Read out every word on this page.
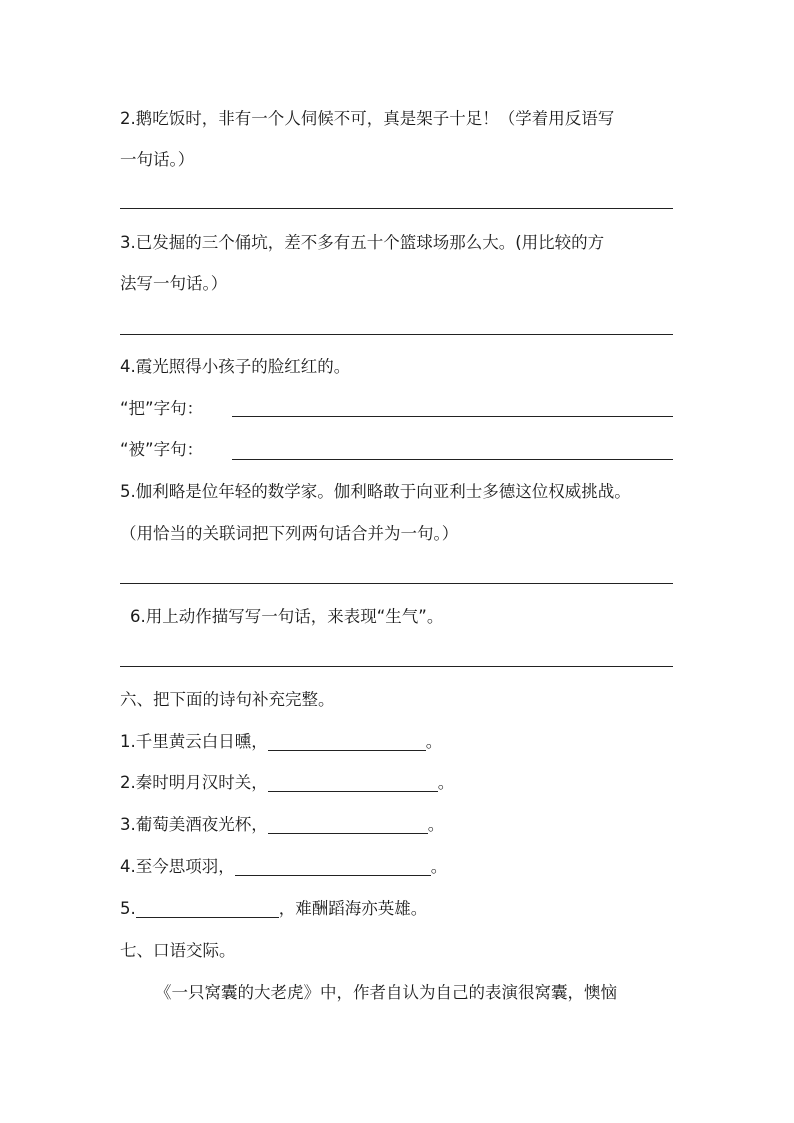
2.鹅吃饭时，非有一个人伺候不可，真是架子十足！（学着用反语写
一句话。）
3.已发掘的三个俑坑，差不多有五十个篮球场那么大。(用比较的方
法写一句话。）
4.霞光照得小孩子的脸红红的。
“把”字句：
“被”字句：
5.伽利略是位年轻的数学家。伽利略敢于向亚利士多德这位权威挑战。
（用恰当的关联词把下列两句话合并为一句。）
6.用上动作描写写一句话，来表现“生气”。
六、把下面的诗句补充完整。
1.千里黄云白日曛，	。
2.秦时明月汉时关，	。
3.葡萄美酒夜光杯，	。
4.至今思项羽，	。
5.	，难酬蹈海亦英雄。
七、口语交际。
《一只窝囊的大老虎》中，作者自认为自己的表演很窝囊，懊恼
